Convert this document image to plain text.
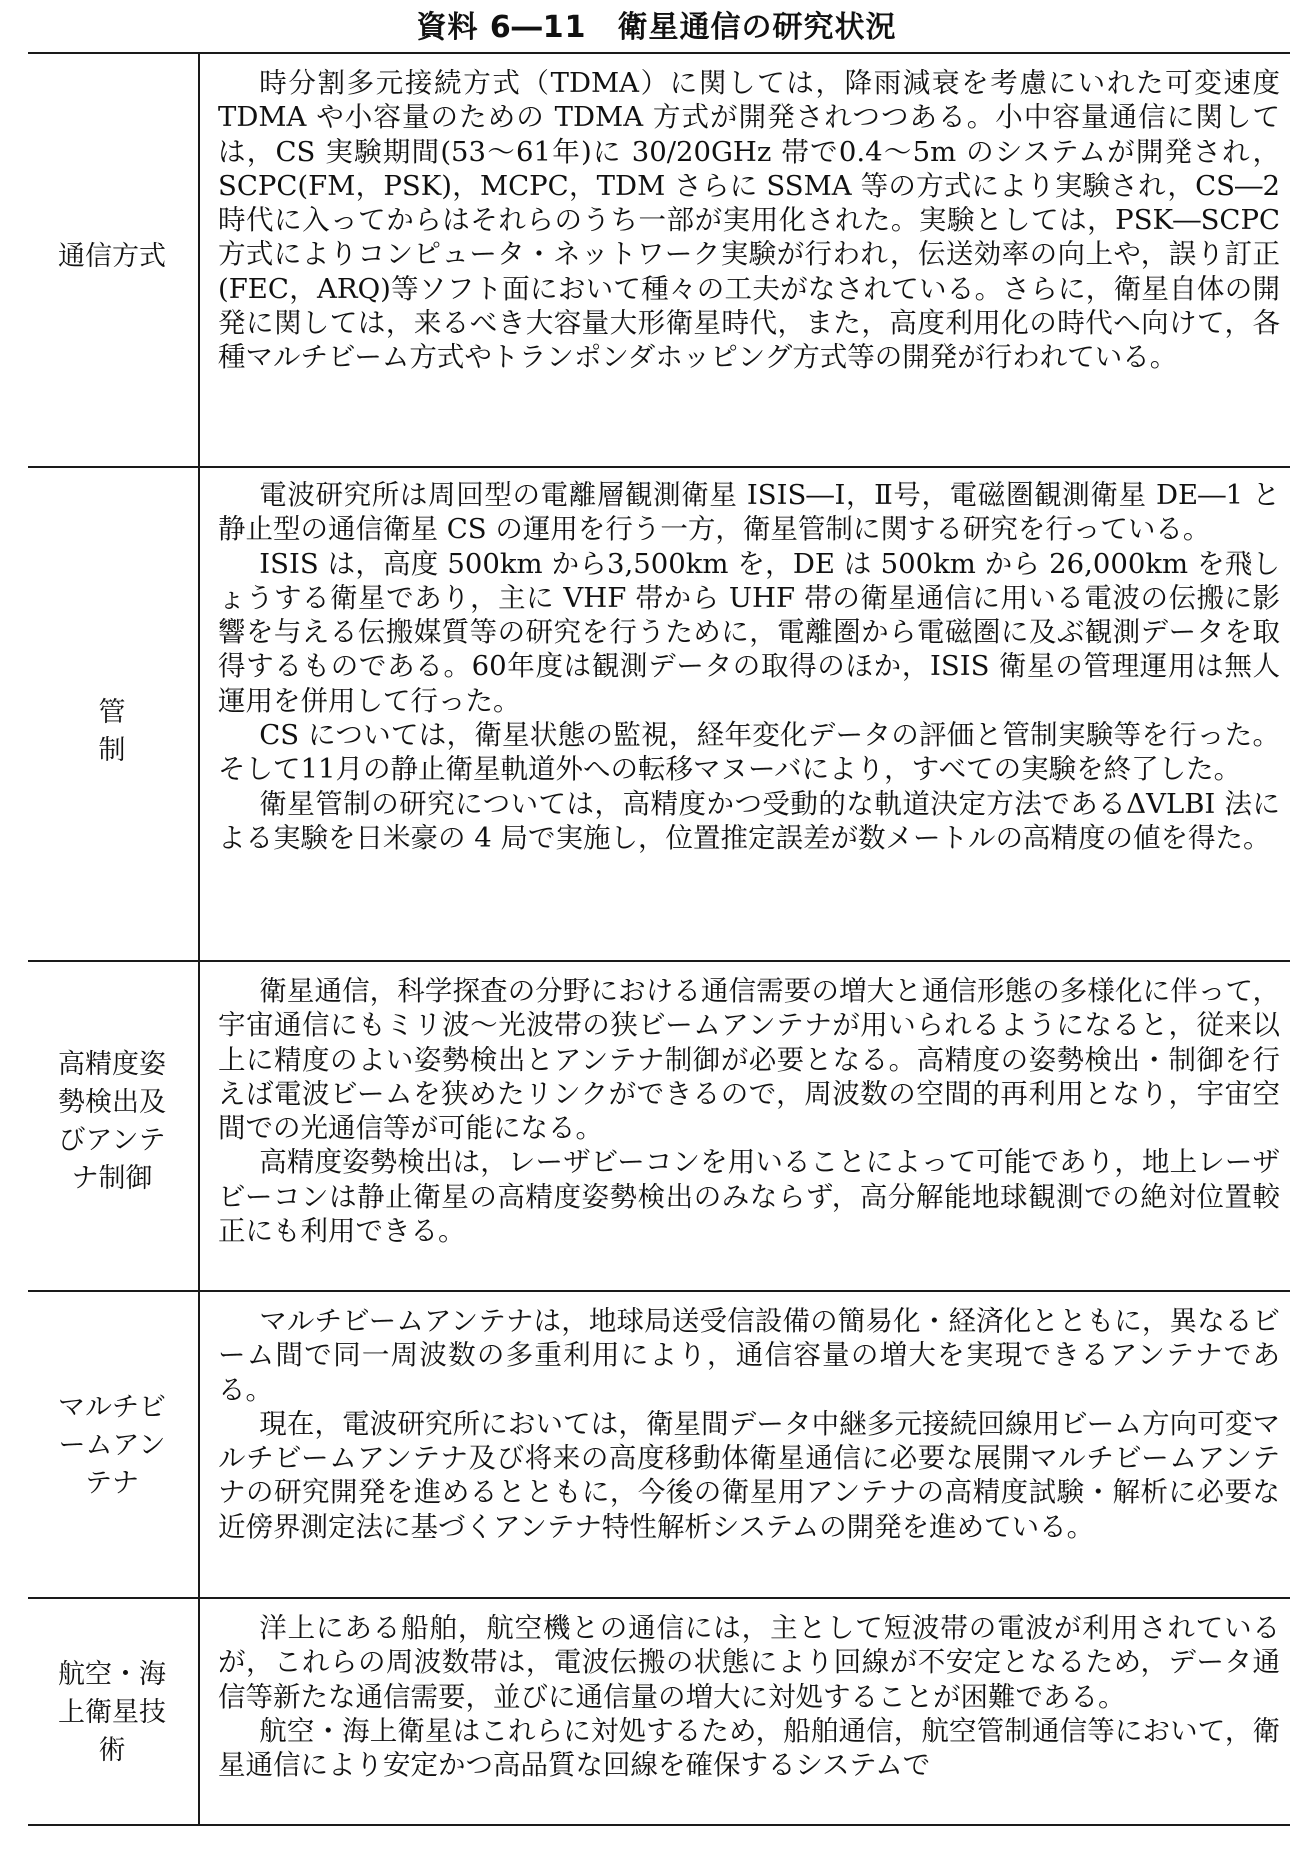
資料 6―11　衛星通信の研究状況
通信方式

時分割多元接続方式（TDMA）に関しては，降雨減衰を考慮にいれた可変速度 TDMA や小容量のための TDMA 方式が開発されつつある。小中容量通信に関しては，CS 実験期間(53～61年)に 30/20GHz 帯で0.4～5m のシステムが開発され，SCPC(FM，PSK)，MCPC，TDM さらに SSMA 等の方式により実験され，CS―2 時代に入ってからはそれらのうち一部が実用化された。実験としては，PSK―SCPC 方式によりコンピュータ・ネットワーク実験が行われ，伝送効率の向上や，誤り訂正(FEC，ARQ)等ソフト面において種々の工夫がなされている。さらに，衛星自体の開発に関しては，来るべき大容量大形衛星時代，また，高度利用化の時代へ向けて，各種マルチビーム方式やトランポンダホッピング方式等の開発が行われている。

管制

電波研究所は周回型の電離層観測衛星 ISIS―Ⅰ，Ⅱ号，電磁圏観測衛星 DE―1 と静止型の通信衛星 CS の運用を行う一方，衛星管制に関する研究を行っている。

ISIS は，高度 500km から3,500km を，DE は 500km から 26,000km を飛しょうする衛星であり，主に VHF 帯から UHF 帯の衛星通信に用いる電波の伝搬に影響を与える伝搬媒質等の研究を行うために，電離圏から電磁圏に及ぶ観測データを取得するものである。60年度は観測データの取得のほか，ISIS 衛星の管理運用は無人運用を併用して行った。

CS については，衛星状態の監視，経年変化データの評価と管制実験等を行った。そして11月の静止衛星軌道外への転移マヌーバにより，すべての実験を終了した。

衛星管制の研究については，高精度かつ受動的な軌道決定方法であるΔVLBI 法による実験を日米豪の 4 局で実施し，位置推定誤差が数メートルの高精度の値を得た。

高精度姿
勢検出及
びアンテ
ナ制御

衛星通信，科学探査の分野における通信需要の増大と通信形態の多様化に伴って，宇宙通信にもミリ波～光波帯の狭ビームアンテナが用いられるようになると，従来以上に精度のよい姿勢検出とアンテナ制御が必要となる。高精度の姿勢検出・制御を行えば電波ビームを狭めたリンクができるので，周波数の空間的再利用となり，宇宙空間での光通信等が可能になる。

高精度姿勢検出は，レーザビーコンを用いることによって可能であり，地上レーザビーコンは静止衛星の高精度姿勢検出のみならず，高分解能地球観測での絶対位置較正にも利用できる。

マルチビ
ームアン
テナ

マルチビームアンテナは，地球局送受信設備の簡易化・経済化とともに，異なるビーム間で同一周波数の多重利用により，通信容量の増大を実現できるアンテナである。

現在，電波研究所においては，衛星間データ中継多元接続回線用ビーム方向可変マルチビームアンテナ及び将来の高度移動体衛星通信に必要な展開マルチビームアンテナの研究開発を進めるとともに，今後の衛星用アンテナの高精度試験・解析に必要な近傍界測定法に基づくアンテナ特性解析システムの開発を進めている。

航空・海
上衛星技
術

洋上にある船舶，航空機との通信には，主として短波帯の電波が利用されているが，これらの周波数帯は，電波伝搬の状態により回線が不安定となるため，データ通信等新たな通信需要，並びに通信量の増大に対処することが困難である。

航空・海上衛星はこれらに対処するため，船舶通信，航空管制通信等において，衛星通信により安定かつ高品質な回線を確保するシステムで
